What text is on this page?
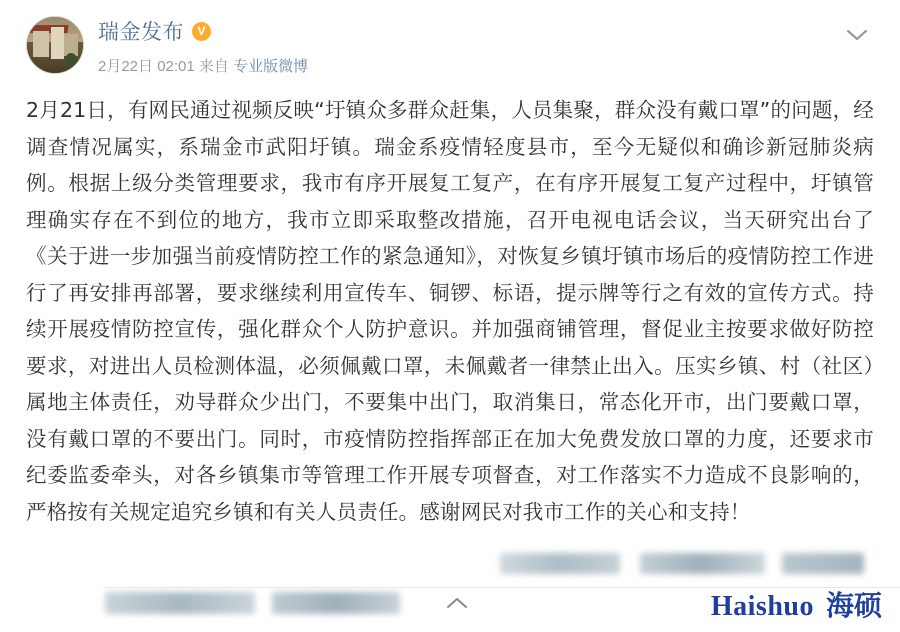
瑞金发布	V
2月22日 02:01 来自 专业版微博
2月21日，有网民通过视频反映“圩镇众多群众赶集，人员集聚，群众没有戴口罩”的问题，经调查情况属实，系瑞金市武阳圩镇。瑞金系疫情轻度县市，至今无疑似和确诊新冠肺炎病例。根据上级分类管理要求，我市有序开展复工复产，在有序开展复工复产过程中，圩镇管理确实存在不到位的地方，我市立即采取整改措施，召开电视电话会议，当天研究出台了《关于进一步加强当前疫情防控工作的紧急通知》，对恢复乡镇圩镇市场后的疫情防控工作进行了再安排再部署，要求继续利用宣传车、铜锣、标语，提示牌等行之有效的宣传方式。持续开展疫情防控宣传，强化群众个人防护意识。并加强商铺管理，督促业主按要求做好防控要求，对进出人员检测体温，必须佩戴口罩，未佩戴者一律禁止出入。压实乡镇、村（社区）属地主体责任，劝导群众少出门，不要集中出门，取消集日，常态化开市，出门要戴口罩，没有戴口罩的不要出门。同时，市疫情防控指挥部正在加大免费发放口罩的力度，还要求市纪委监委牵头，对各乡镇集市等管理工作开展专项督查，对工作落实不力造成不良影响的，严格按有关规定追究乡镇和有关人员责任。感谢网民对我市工作的关心和支持！
Haishuo 海硕
